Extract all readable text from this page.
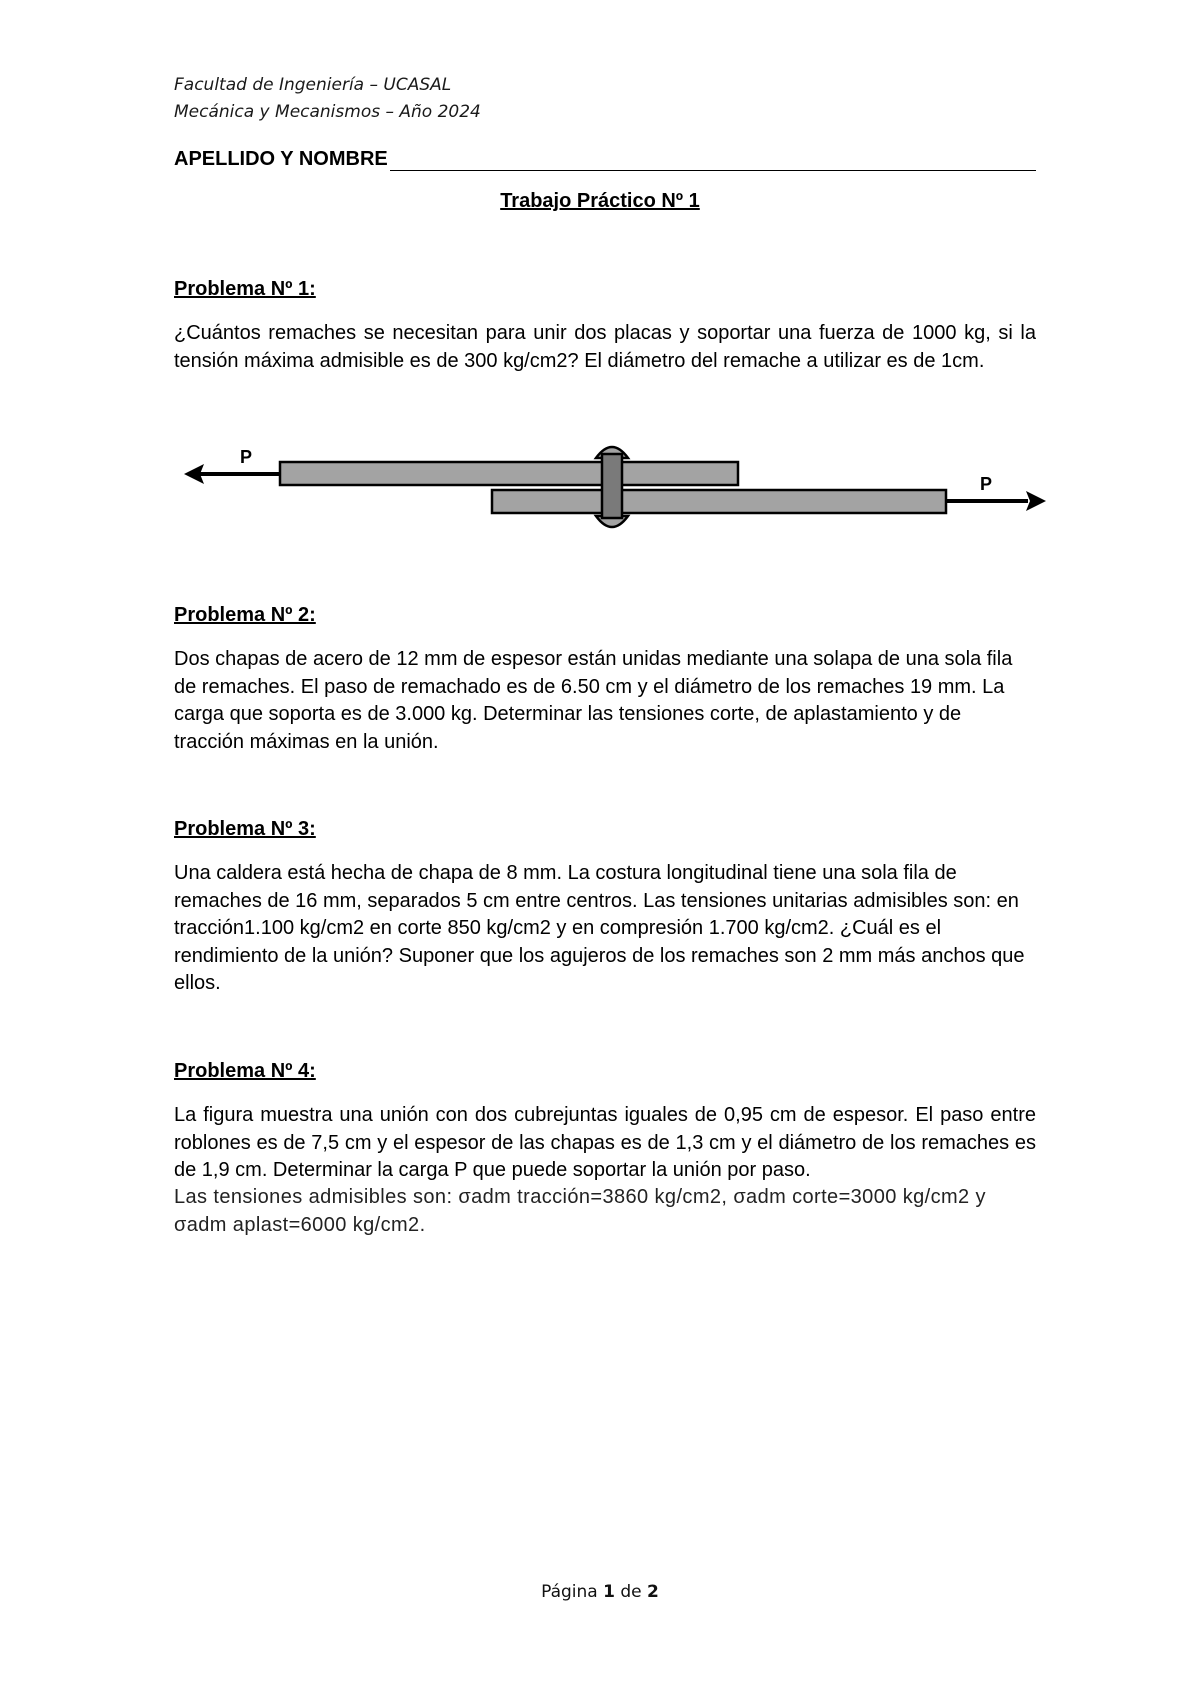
Facultad de Ingeniería – UCASAL
Mecánica y Mecanismos – Año 2024
APELLIDO Y NOMBRE
Trabajo Práctico Nº 1
Problema Nº 1:

¿Cuántos remaches se necesitan para unir dos placas y soportar una fuerza de 1000 kg, si la tensión máxima admisible es de 300 kg/cm2? El diámetro del remache a utilizar es de 1cm.

P
P
Problema Nº 2:

Dos chapas de acero de 12 mm de espesor están unidas mediante una solapa de una sola fila de remaches. El paso de remachado es de 6.50 cm y el diámetro de los remaches 19 mm. La carga que soporta es de 3.000 kg. Determinar las tensiones corte, de aplastamiento y de tracción máximas en la unión.

Problema Nº 3:

Una caldera está hecha de chapa de 8 mm. La costura longitudinal tiene una sola fila de remaches de 16 mm, separados 5 cm entre centros. Las tensiones unitarias admisibles son: en tracción1.100 kg/cm2 en corte 850 kg/cm2 y en compresión 1.700 kg/cm2. ¿Cuál es el rendimiento de la unión? Suponer que los agujeros de los remaches son 2 mm más anchos que ellos.

Problema Nº 4:

La figura muestra una unión con dos cubrejuntas iguales de 0,95 cm de espesor. El paso entre roblones es de 7,5 cm y el espesor de las chapas es de 1,3 cm y el diámetro de los remaches es de 1,9 cm. Determinar la carga P que puede soportar la unión por paso.

Las tensiones admisibles son: σadm tracción=3860 kg/cm2, σadm corte=3000 kg/cm2 y σadm aplast=6000 kg/cm2.

Página 1 de 2
